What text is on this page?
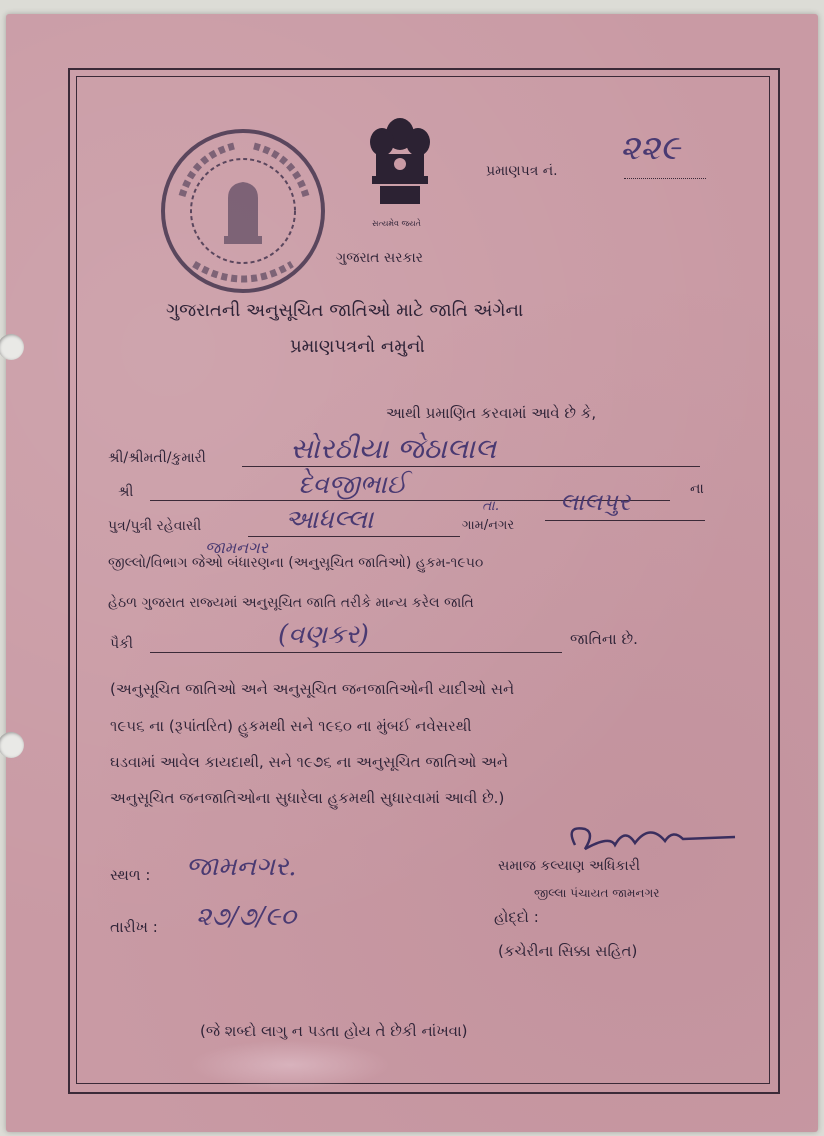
સત્યમેવ જયતે
ગુજરાત સરકાર
પ્રમાણપત્ર નં.
૨૨૯
ગુજરાતની અનુસૂચિત જાતિઓ માટે જાતિ અંગેના
પ્રમાણપત્રનો નમુનો
આથી પ્રમાણિત કરવામાં આવે છે કે,
શ્રી/શ્રીમતી/કુમારી	સોરઠીયા જેઠાલાલ
શ્રી	દેવજીભાઈ	ના
પુત્ર/પુત્રી રહેવાસી	આધલ્લા	ગામ/નગર
તા.	લાલપુર
જામનગર
જીલ્લો/વિભાગ જેઓ બંધારણના (અનુસૂચિત જાતિઓ) હુકમ-૧૯૫૦
હેઠળ ગુજરાત રાજ્યમાં અનુસૂચિત જાતિ તરીકે માન્ય કરેલ જાતિ
પૈકી	(વણકર)	જાતિના છે.
(અનુસૂચિત જાતિઓ અને અનુસૂચિત જનજાતિઓની યાદીઓ સને
૧૯૫૬ ના (રૂપાંતરિત) હુકમથી સને ૧૯૬૦ ના મુંબઈ નવેસરથી
ઘડવામાં આવેલ કાયદાથી, સને ૧૯૭૬ ના અનુસૂચિત જાતિઓ અને
અનુસૂચિત જનજાતિઓના સુધારેલા હુકમથી સુધારવામાં આવી છે.)
સમાજ કલ્યાણ અધિકારી
જીલ્લા પંચાયત જામનગર
સ્થળ : જામનગર.
તારીખ : ૨૭/૭/૯૦	હોદ્દો :
(કચેરીના સિક્કા સહિત)
(જે શબ્દો લાગુ ન પડતા હોય તે છેકી નાંખવા)
